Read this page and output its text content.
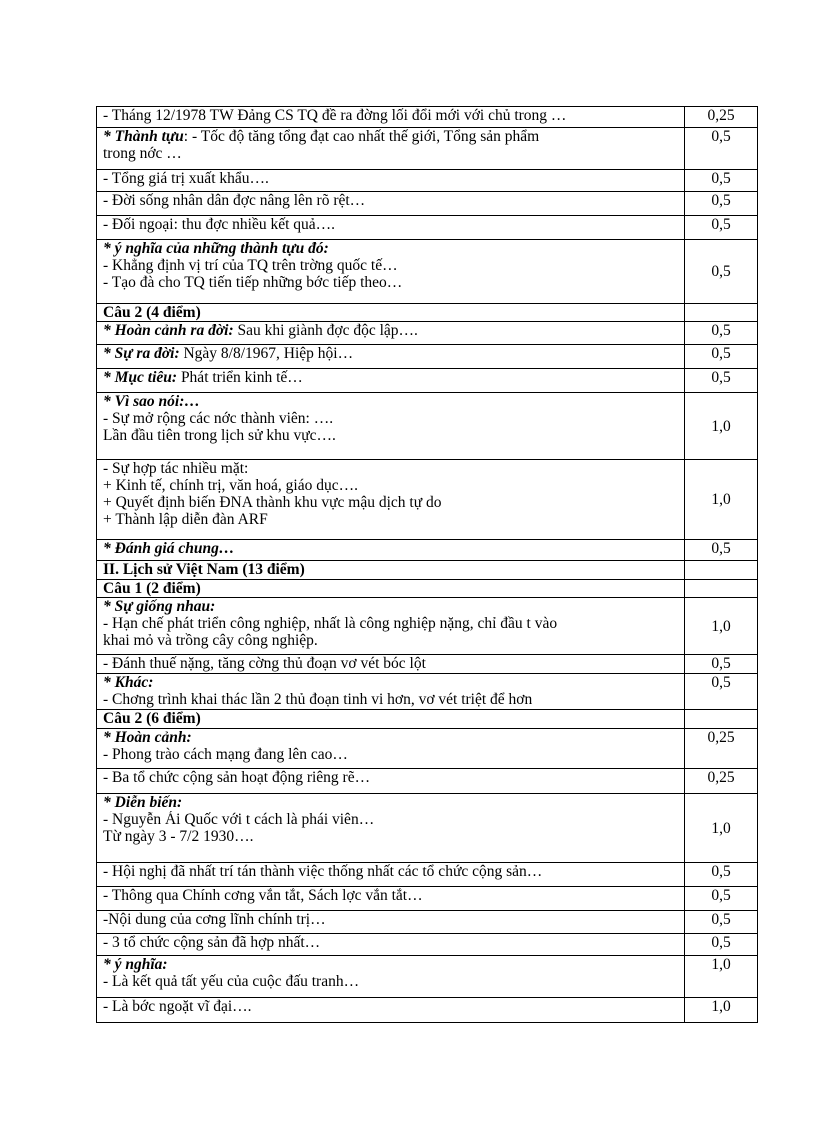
- Tháng 12/1978 TW Đảng CS TQ đề ra đờng lối đổi mới với chủ trong …	0,25

* Thành tựu: - Tốc độ tăng tổng đạt cao nhất thế giới, Tổng sản phẩm
trong nớc …	0,5

- Tổng giá trị xuất khẩu….	0,5

- Đời sống nhân dân đợc nâng lên rõ rệt…	0,5

- Đối ngoại: thu đợc nhiều kết quả….	0,5

* ý nghĩa của những thành tựu đó:
- Khẳng định vị trí của TQ trên trờng quốc tế…
- Tạo đà cho TQ tiến tiếp những bớc tiếp theo…	0,5

Câu 2 (4 điểm)	

* Hoàn cảnh ra đời: Sau khi giành đợc độc lập….	0,5

* Sự ra đời: Ngày 8/8/1967, Hiệp hội…	0,5

* Mục tiêu: Phát triển kinh tế…	0,5

* Vì sao nói:…
- Sự mở rộng các nớc thành viên: ….
Lần đầu tiên trong lịch sử khu vực….	1,0

- Sự hợp tác nhiều mặt:
+ Kinh tế, chính trị, văn hoá, giáo dục….
+ Quyết định biến ĐNA thành khu vực mậu dịch tự do
+ Thành lập diễn đàn ARF	1,0

* Đánh giá chung…	0,5

II. Lịch sử Việt Nam (13 điểm)	

Câu 1 (2 điểm)	

* Sự giống nhau:
- Hạn chế phát triển công nghiệp, nhất là công nghiệp nặng, chỉ đầu t vào
khai mỏ và trồng cây công nghiệp.	1,0

- Đánh thuế nặng, tăng cờng thủ đoạn vơ vét bóc lột	0,5

* Khác:
- Chơng trình khai thác lần 2 thủ đoạn tinh vi hơn, vơ vét triệt để hơn	0,5

Câu 2 (6 điểm)	

* Hoàn cảnh:
- Phong trào cách mạng đang lên cao…	0,25

- Ba tổ chức cộng sản hoạt động riêng rẽ…	0,25

* Diễn biến:
- Nguyễn Ái Quốc với t cách là phái viên…
Từ ngày 3 - 7/2 1930….	1,0

- Hội nghị đã nhất trí tán thành việc thống nhất các tổ chức cộng sản…	0,5

- Thông qua Chính cơng vắn tắt, Sách lợc vắn tắt…	0,5

-Nội dung của cơng lĩnh chính trị…	0,5

- 3 tổ chức cộng sản đã hợp nhất…	0,5

* ý nghĩa:
- Là kết quả tất yếu của cuộc đấu tranh…	1,0

- Là bớc ngoặt vĩ đại….	1,0
